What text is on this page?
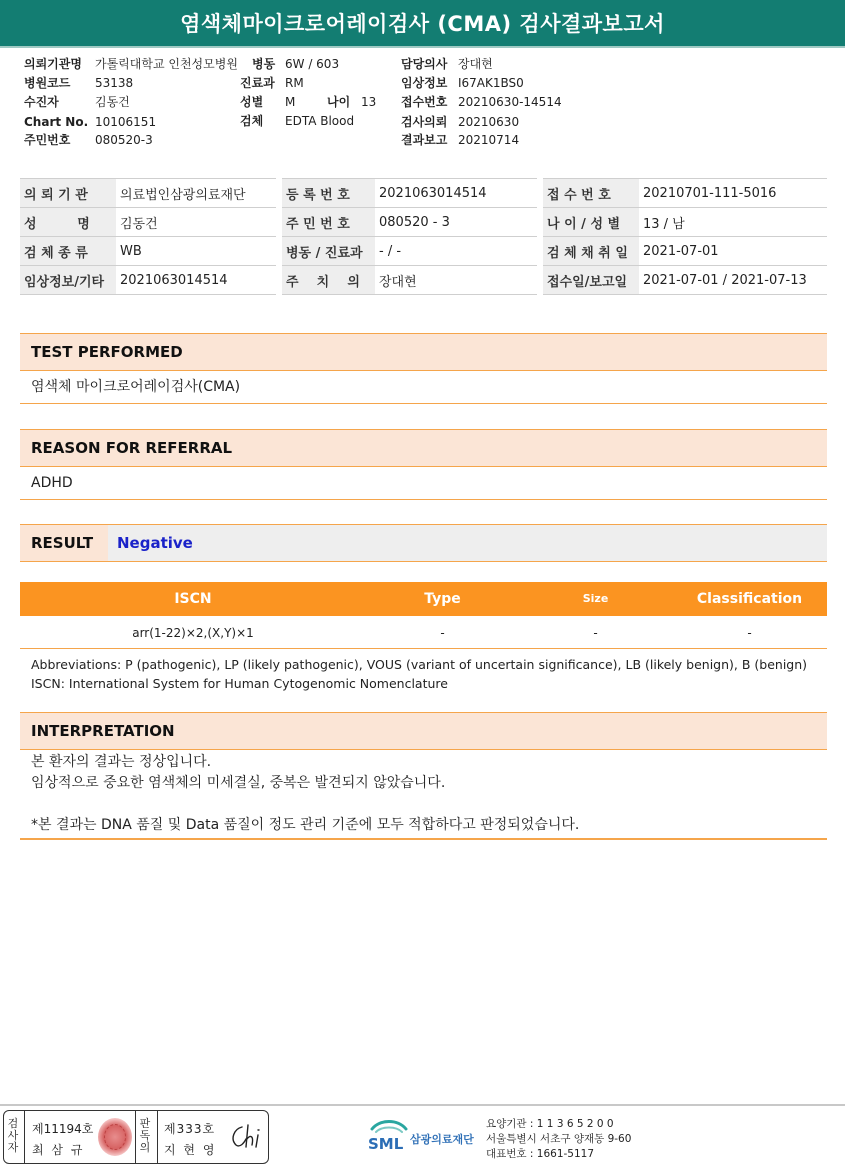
염색체마이크로어레이검사 (CMA) 검사결과보고서
의뢰기관명 가톨릭대학교 인천성모병원 병동 6W / 603	담당의사 장대현
병원코드 53138	진료과 RM	임상정보 I67AK1BS0
수진자	김동건	성별 M	나이 13 접수번호 20210630-14514
Chart No. 10106151	검체 EDTA Blood	검사의뢰 20210630
주민번호 080520-3	결과보고 20210714
의 뢰 기 관	의료법인삼광의료재단		등 록 번 호	2021063014514		접 수 번 호	20210701-111-5016
성         명	김동건		주 민 번 호	080520 - 3		나 이 / 성 별	13 / 남
검 체 종 류	WB		병동 / 진료과	- / -		검 체 채 취 일	2021-07-01
임상정보/기타	2021063014514		주    치    의	장대현		접수일/보고일	2021-07-01 / 2021-07-13
TEST PERFORMED
염색체 마이크로어레이검사(CMA)
REASON FOR REFERRAL
ADHD
RESULT	Negative
ISCN	Type	Size	Classification
arr(1-22)×2,(X,Y)×1	-	-	-
Abbreviations: P (pathogenic), LP (likely pathogenic), VOUS (variant of uncertain significance), LB (likely benign), B (benign)
ISCN: International System for Human Cytogenomic Nomenclature
INTERPRETATION
본 환자의 결과는 정상입니다.
임상적으로 중요한 염색체의 미세결실, 중복은 발견되지 않았습니다.
*본 결과는 DNA 품질 및 Data 품질이 정도 관리 기준에 모두 적합하다고 판정되었습니다.
검사자
제11194호
최 삼 규
판독의
제333호
지 현 영	SML 삼광의료재단
요양기관 : 1 1 3 6 5 2 0 0
서울특별시 서초구 양재동 9-60
대표번호 : 1661-5117
